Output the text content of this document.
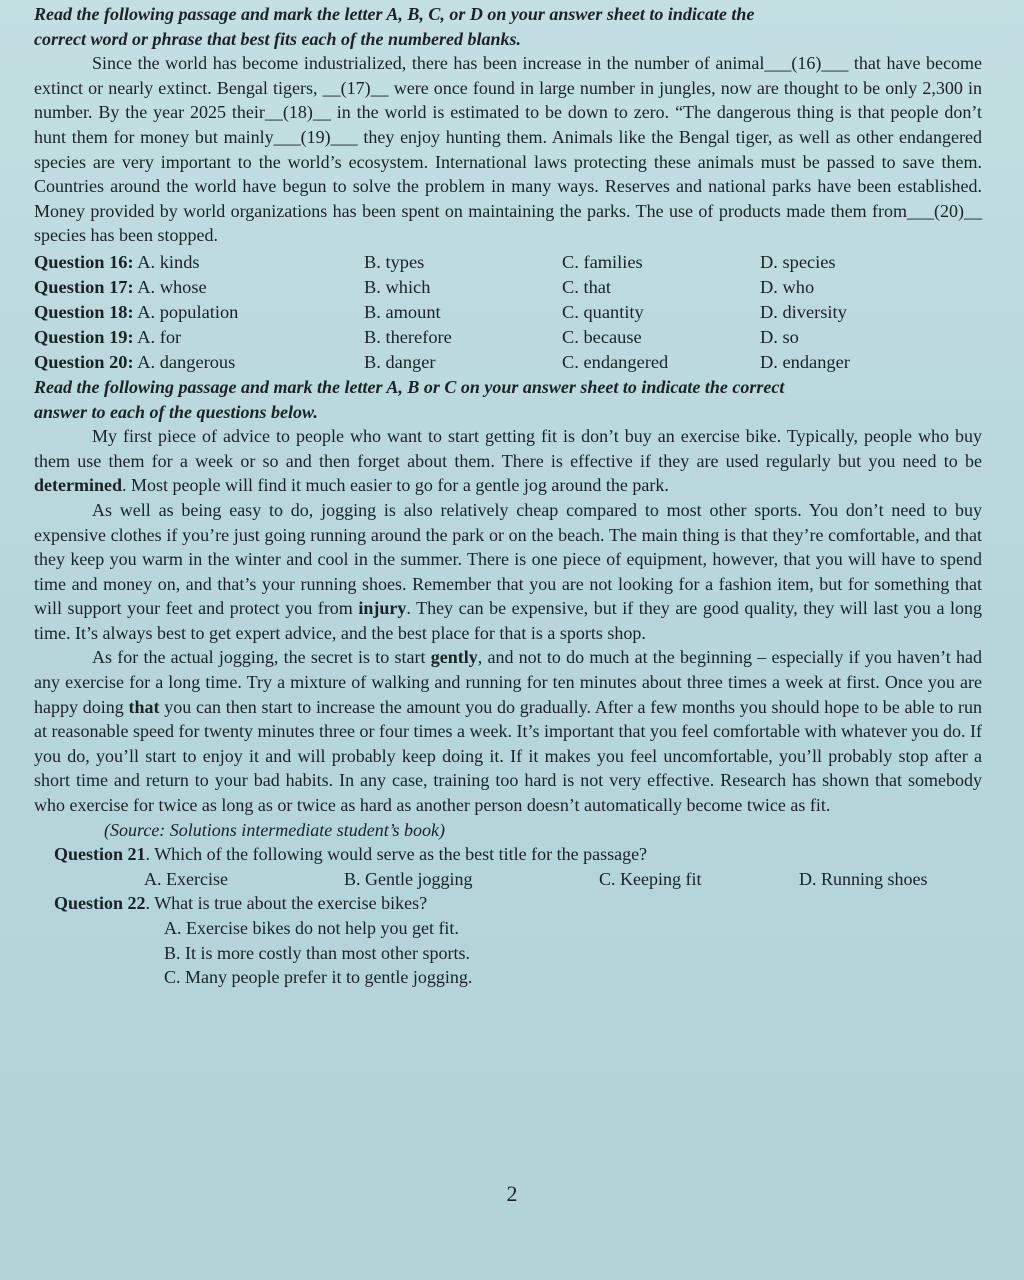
Read the following passage and mark the letter A, B, C, or D on your answer sheet to indicate the
correct word or phrase that best fits each of the numbered blanks.

Since the world has become industrialized, there has been increase in the number of animal___(16)___ that have become extinct or nearly extinct. Bengal tigers, __(17)__ were once found in large number in jungles, now are thought to be only 2,300 in number. By the year 2025 their__(18)__ in the world is estimated to be down to zero. “The dangerous thing is that people don’t hunt them for money but mainly___(19)___ they enjoy hunting them. Animals like the Bengal tiger, as well as other endangered species are very important to the world’s ecosystem. International laws protecting these animals must be passed to save them. Countries around the world have begun to solve the problem in many ways. Reserves and national parks have been established. Money provided by world organizations has been spent on maintaining the parks. The use of products made them from___(20)__ species has been stopped.

Question 16: A. kinds	B. types	C. families	D. species
Question 17: A. whose	B. which	C. that	D. who
Question 18: A. population	B. amount	C. quantity	D. diversity
Question 19: A. for	B. therefore	C. because	D. so
Question 20: A. dangerous	B. danger	C. endangered	D. endanger
Read the following passage and mark the letter A, B or C on your answer sheet to indicate the correct
answer to each of the questions below.

My first piece of advice to people who want to start getting fit is don’t buy an exercise bike. Typically, people who buy them use them for a week or so and then forget about them. There is effective if they are used regularly but you need to be determined. Most people will find it much easier to go for a gentle jog around the park.

As well as being easy to do, jogging is also relatively cheap compared to most other sports. You don’t need to buy expensive clothes if you’re just going running around the park or on the beach. The main thing is that they’re comfortable, and that they keep you warm in the winter and cool in the summer. There is one piece of equipment, however, that you will have to spend time and money on, and that’s your running shoes. Remember that you are not looking for a fashion item, but for something that will support your feet and protect you from injury. They can be expensive, but if they are good quality, they will last you a long time. It’s always best to get expert advice, and the best place for that is a sports shop.

As for the actual jogging, the secret is to start gently, and not to do much at the beginning – especially if you haven’t had any exercise for a long time. Try a mixture of walking and running for ten minutes about three times a week at first. Once you are happy doing that you can then start to increase the amount you do gradually. After a few months you should hope to be able to run at reasonable speed for twenty minutes three or four times a week. It’s important that you feel comfortable with whatever you do. If you do, you’ll start to enjoy it and will probably keep doing it. If it makes you feel uncomfortable, you’ll probably stop after a short time and return to your bad habits. In any case, training too hard is not very effective. Research has shown that somebody who exercise for twice as long as or twice as hard as another person doesn’t automatically become twice as fit.

(Source: Solutions intermediate student’s book)
Question 21. Which of the following would serve as the best title for the passage?
A. Exercise	B. Gentle jogging	C. Keeping fit	D. Running shoes
Question 22. What is true about the exercise bikes?
A. Exercise bikes do not help you get fit.
B. It is more costly than most other sports.
C. Many people prefer it to gentle jogging.
2
